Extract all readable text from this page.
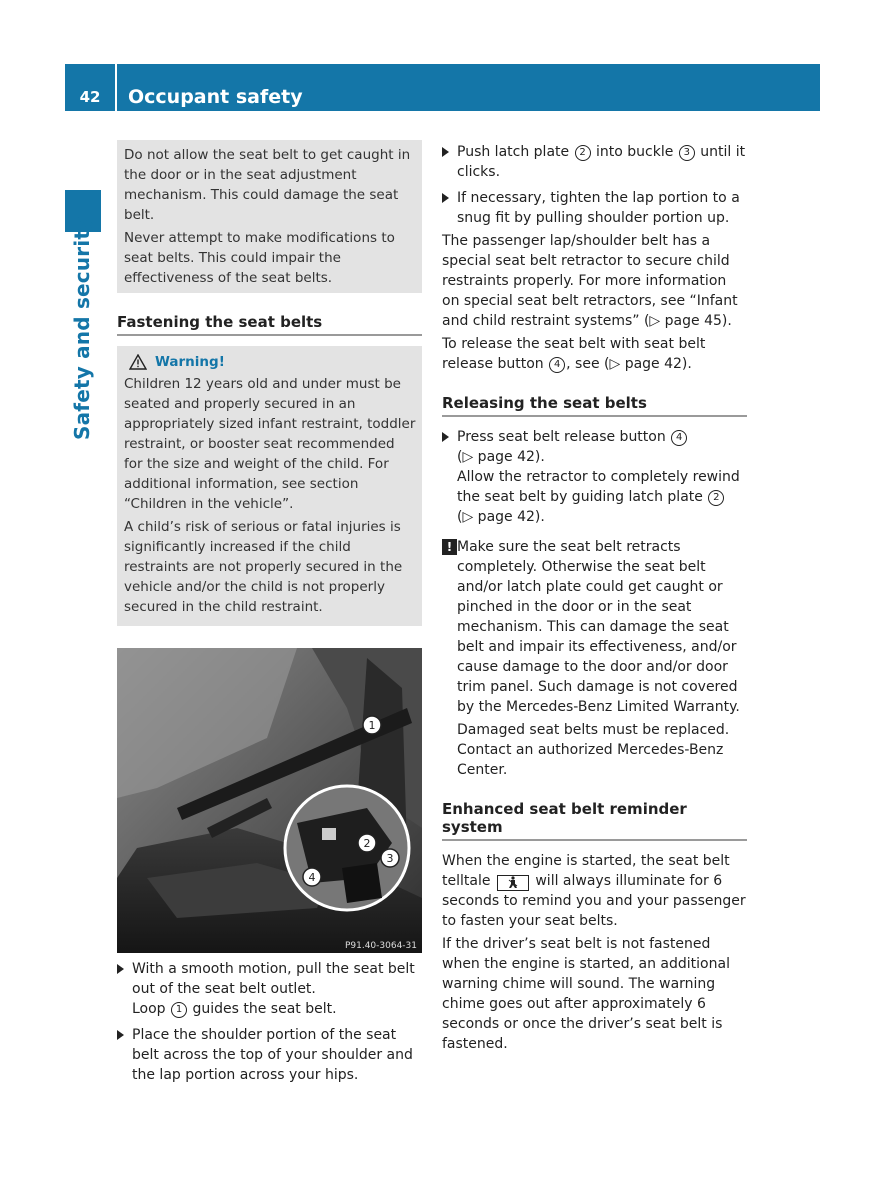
42	Occupant safety
Safety and security

Do not allow the seat belt to get caught in the door or in the seat adjustment mechanism. This could damage the seat belt.

Never attempt to make modifications to seat belts. This could impair the effectiveness of the seat belts.

Fastening the seat belts
Warning!

Children 12 years old and under must be seated and properly secured in an appropriately sized infant restraint, toddler restraint, or booster seat recommended for the size and weight of the child. For additional information, see section “Children in the vehicle”.

A child’s risk of serious or fatal injuries is significantly increased if the child restraints are not properly secured in the vehicle and/or the child is not properly secured in the child restraint.

1
2
3
4
P91.40-3064-31
With a smooth motion, pull the seat belt out of the seat belt outlet.
Loop 1 guides the seat belt.
Place the shoulder portion of the seat belt across the top of your shoulder and the lap portion across your hips.
Push latch plate 2 into buckle 3 until it clicks.
If necessary, tighten the lap portion to a snug fit by pulling shoulder portion up.
The passenger lap/shoulder belt has a special seat belt retractor to secure child restraints properly. For more information on special seat belt retractors, see “Infant and child restraint systems” (▷ page 45).
To release the seat belt with seat belt release button 4 , see (▷ page 42).
Releasing the seat belts
Press seat belt release button 4
(▷ page 42).
Allow the retractor to completely rewind the seat belt by guiding latch plate 2
(▷ page 42).
! Make sure the seat belt retracts completely. Otherwise the seat belt and/or latch plate could get caught or pinched in the door or in the seat mechanism. This can damage the seat belt and impair its effectiveness, and/or cause damage to the door and/or door trim panel. Such damage is not covered by the Mercedes-Benz Limited Warranty.

Damaged seat belts must be replaced. Contact an authorized Mercedes-Benz Center.

Enhanced seat belt reminder system
When the engine is started, the seat belt telltale	will always illuminate for 6 seconds to remind you and your passenger to fasten your seat belts.
If the driver’s seat belt is not fastened when the engine is started, an additional warning chime will sound. The warning chime goes out after approximately 6 seconds or once the driver’s seat belt is fastened.
